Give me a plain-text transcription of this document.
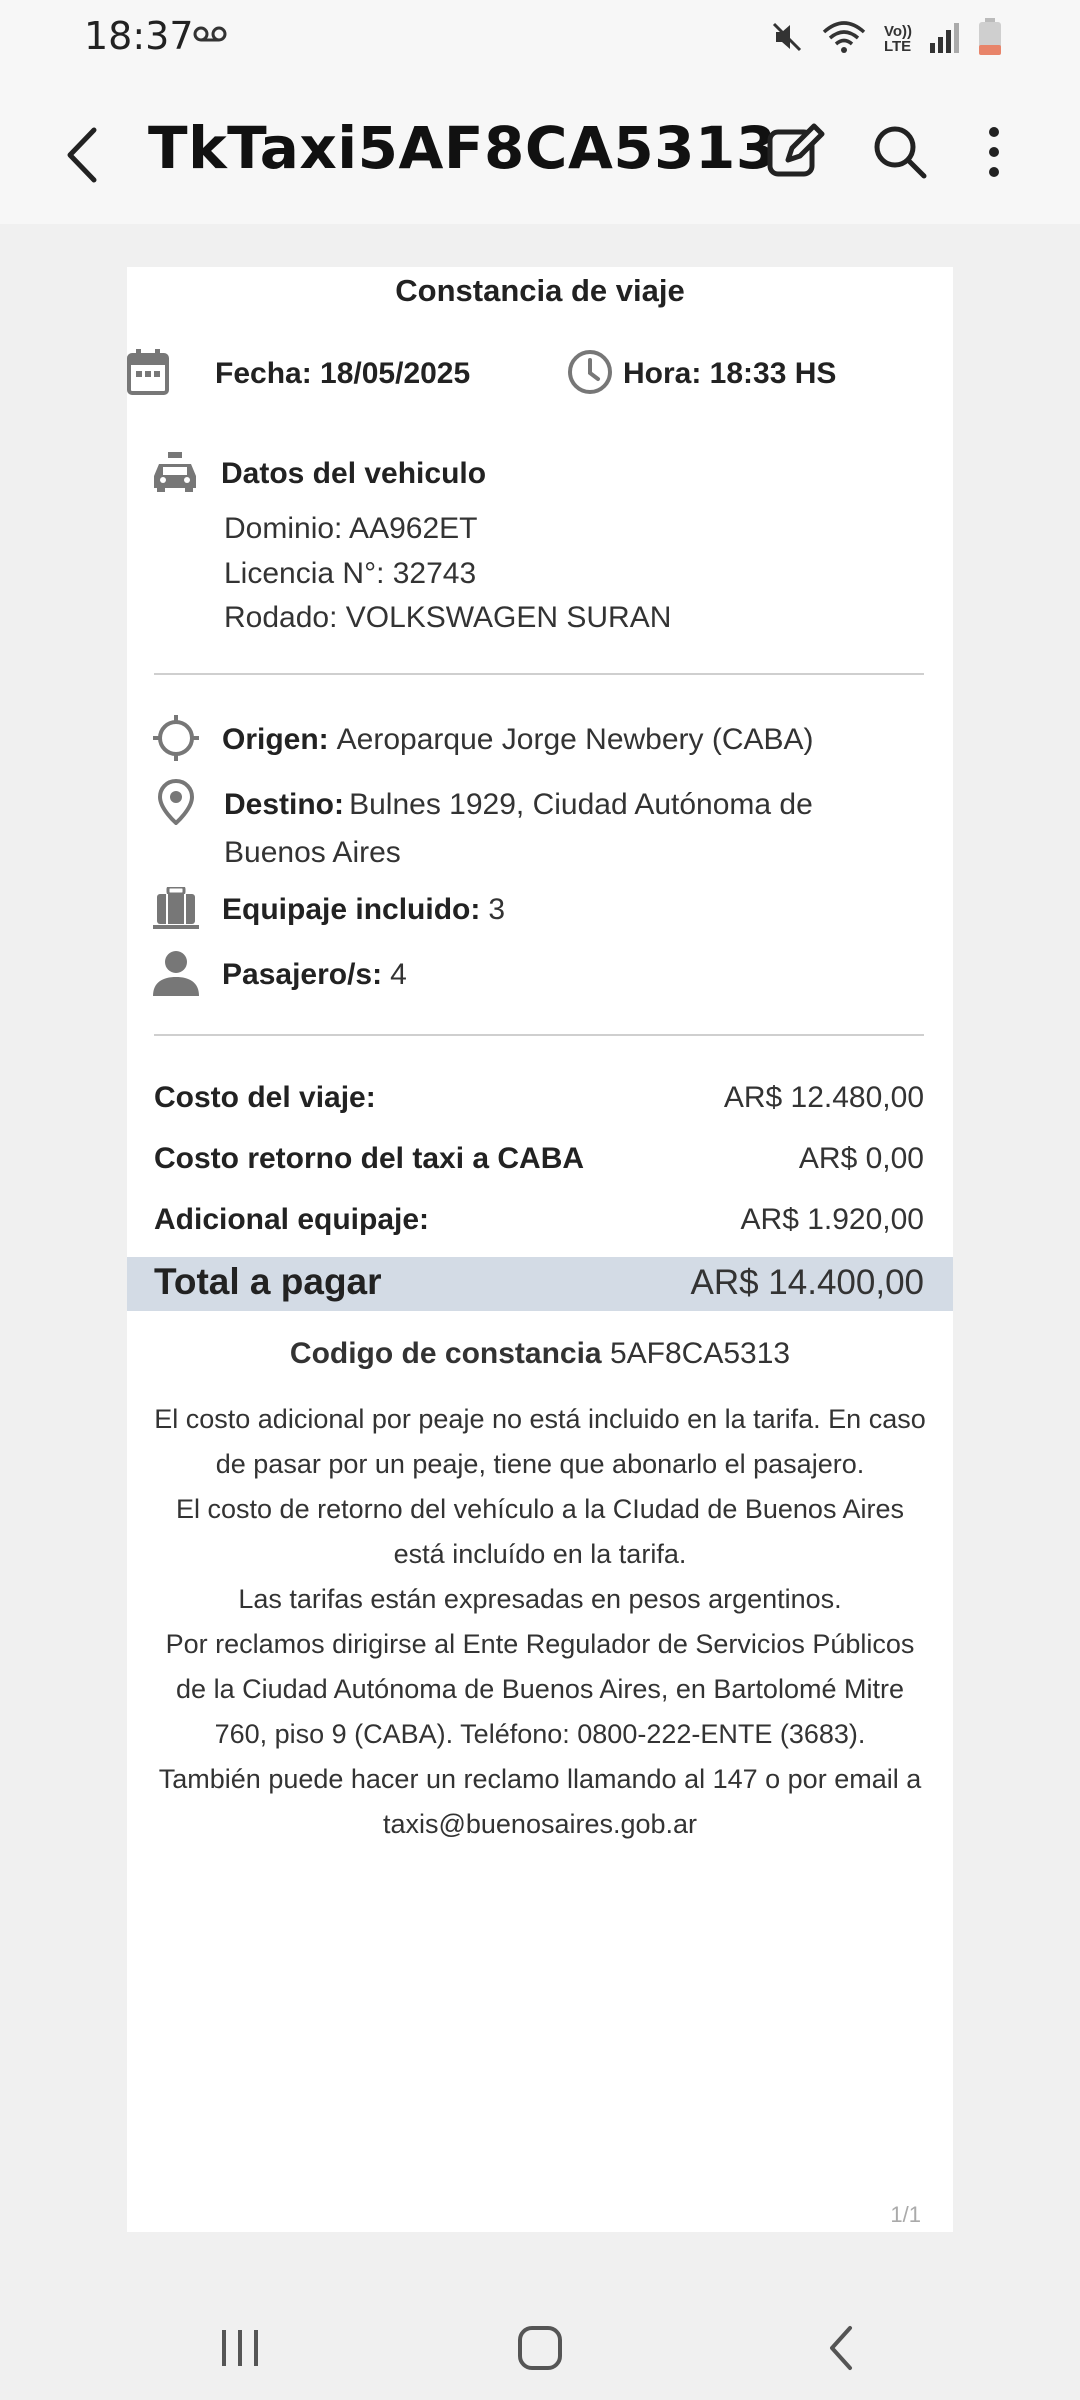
18:37	Vo))
LTE
TkTaxi5AF8CA5313
Constancia de viaje
Fecha: 18/05/2025	Hora: 18:33 HS
Datos del vehiculo
Dominio: AA962ET
Licencia N°: 32743
Rodado: VOLKSWAGEN SURAN
Origen: Aeroparque Jorge Newbery (CABA)
Destino: Bulnes 1929, Ciudad Autónoma de
Buenos Aires
Equipaje incluido: 3
Pasajero/s: 4
Costo del viaje:	AR$ 12.480,00
Costo retorno del taxi a CABA	AR$ 0,00
Adicional equipaje:	AR$ 1.920,00
Total a pagar	AR$ 14.400,00
Codigo de constancia 5AF8CA5313

El costo adicional por peaje no está incluido en la tarifa. En caso de pasar por un peaje, tiene que abonarlo el pasajero.

El costo de retorno del vehículo a la CIudad de Buenos Aires está incluído en la tarifa.

Las tarifas están expresadas en pesos argentinos.

Por reclamos dirigirse al Ente Regulador de Servicios Públicos de la Ciudad Autónoma de Buenos Aires, en Bartolomé Mitre 760, piso 9 (CABA). Teléfono: 0800-222-ENTE (3683).

También puede hacer un reclamo llamando al 147 o por email a taxis@buenosaires.gob.ar

1/1
